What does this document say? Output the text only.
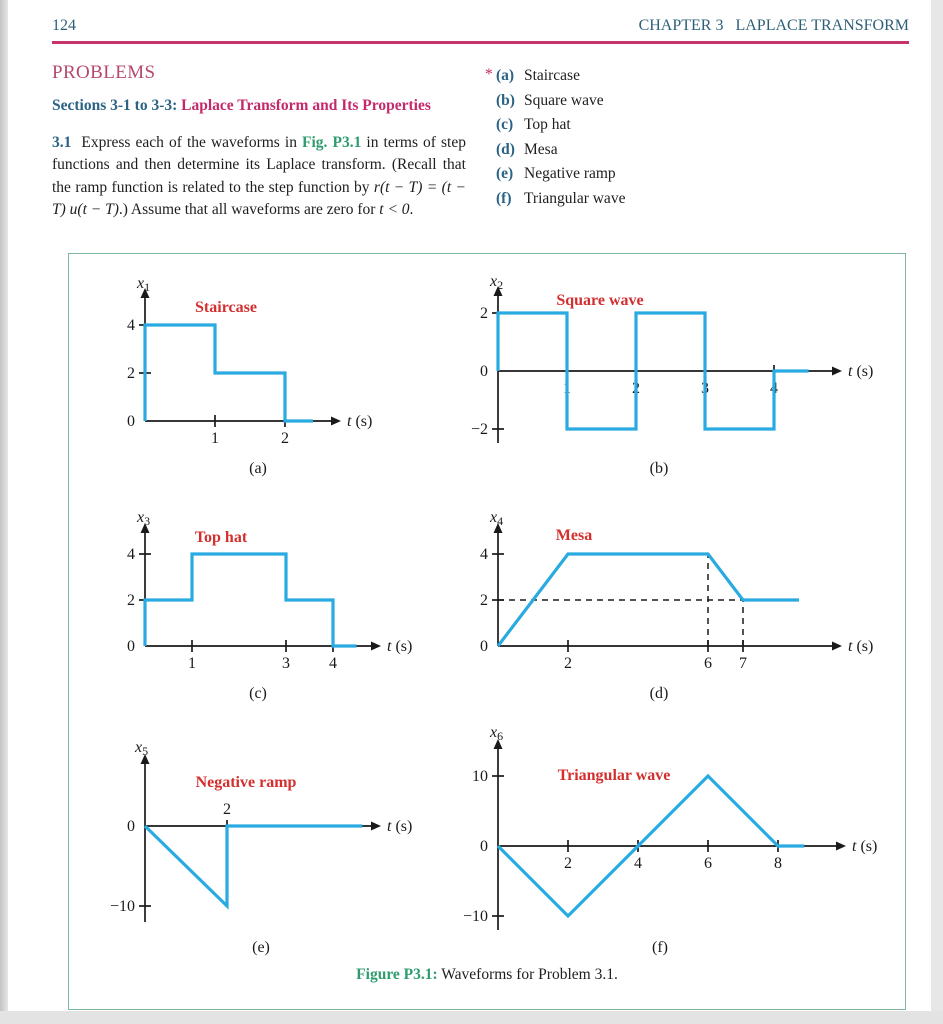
124	CHAPTER 3   LAPLACE TRANSFORM
PROBLEMS
Sections 3-1 to 3-3: Laplace Transform and Its Properties

3.1 Express each of the waveforms in Fig. P3.1 in terms of step functions and then determine its Laplace transform. (Recall that the ramp function is related to the step function by r(t − T) = (t − T) u(t − T).) Assume that all waveforms are zero for t < 0.

* (a) Staircase
(b) Square wave
(c) Top hat
(d) Mesa
(e) Negative ramp
(f) Triangular wave
t (s)
x1
4
2
0
1	2
Staircase
(a)
t (s)
x2
2
0
−2
1	2	3	4
Square wave
(b)
t (s)
x3
4
2
0
1	3 4
Top hat
(c)
t (s)
x4
4
2
0
2	6 7
Mesa
(d)
t (s)
x5
0
−10
2
Negative ramp
(e)
t (s)
x6
10
0
−10
2	4	6	8
Triangular wave
(f)
Figure P3.1: Waveforms for Problem 3.1.
